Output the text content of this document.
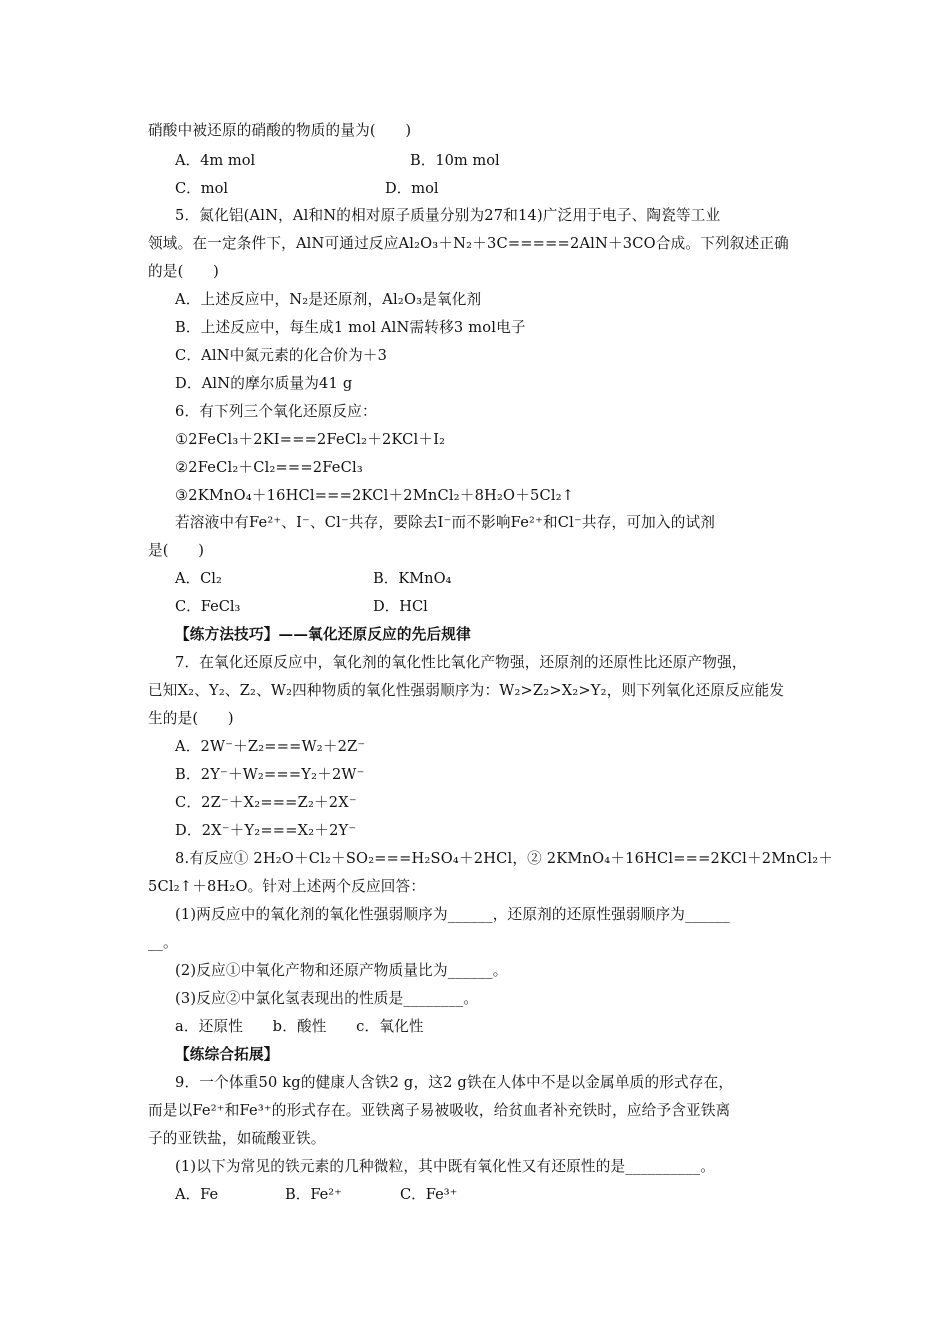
硝酸中被还原的硝酸的物质的量为(　　)
A．4m mol	B．10m mol
C．mol	D．mol
5．氮化铝(AlN，Al和N的相对原子质量分别为27和14)广泛用于电子、陶瓷等工业
领域。在一定条件下，AlN可通过反应Al₂O₃＋N₂＋3C=====2AlN＋3CO合成。下列叙述正确
的是(　　)
A．上述反应中，N₂是还原剂，Al₂O₃是氧化剂
B．上述反应中，每生成1 mol AlN需转移3 mol电子
C．AlN中氮元素的化合价为＋3
D．AlN的摩尔质量为41 g
6．有下列三个氧化还原反应：
①2FeCl₃＋2KI===2FeCl₂＋2KCl＋I₂
②2FeCl₂＋Cl₂===2FeCl₃
③2KMnO₄＋16HCl===2KCl＋2MnCl₂＋8H₂O＋5Cl₂↑
若溶液中有Fe²⁺、I⁻、Cl⁻共存，要除去I⁻而不影响Fe²⁺和Cl⁻共存，可加入的试剂
是(　　)
A．Cl₂	B．KMnO₄
C．FeCl₃	D．HCl
【练方法技巧】——氧化还原反应的先后规律
7．在氧化还原反应中，氧化剂的氧化性比氧化产物强，还原剂的还原性比还原产物强，
已知X₂、Y₂、Z₂、W₂四种物质的氧化性强弱顺序为：W₂>Z₂>X₂>Y₂，则下列氧化还原反应能发
生的是(　　)
A．2W⁻＋Z₂===W₂＋2Z⁻
B．2Y⁻＋W₂===Y₂＋2W⁻
C．2Z⁻＋X₂===Z₂＋2X⁻
D．2X⁻＋Y₂===X₂＋2Y⁻
8.有反应① 2H₂O＋Cl₂＋SO₂===H₂SO₄＋2HCl，② 2KMnO₄＋16HCl===2KCl＋2MnCl₂＋
5Cl₂↑＋8H₂O。针对上述两个反应回答：
(1)两反应中的氧化剂的氧化性强弱顺序为______，还原剂的还原性强弱顺序为______
__。
(2)反应①中氧化产物和还原产物质量比为______。
(3)反应②中氯化氢表现出的性质是________。
a．还原性　　b．酸性　　c．氧化性
【练综合拓展】
9．一个体重50 kg的健康人含铁2 g，这2 g铁在人体中不是以金属单质的形式存在，
而是以Fe²⁺和Fe³⁺的形式存在。亚铁离子易被吸收，给贫血者补充铁时，应给予含亚铁离
子的亚铁盐，如硫酸亚铁。
(1)以下为常见的铁元素的几种微粒，其中既有氧化性又有还原性的是__________。
A．Fe	B．Fe²⁺	C．Fe³⁺
